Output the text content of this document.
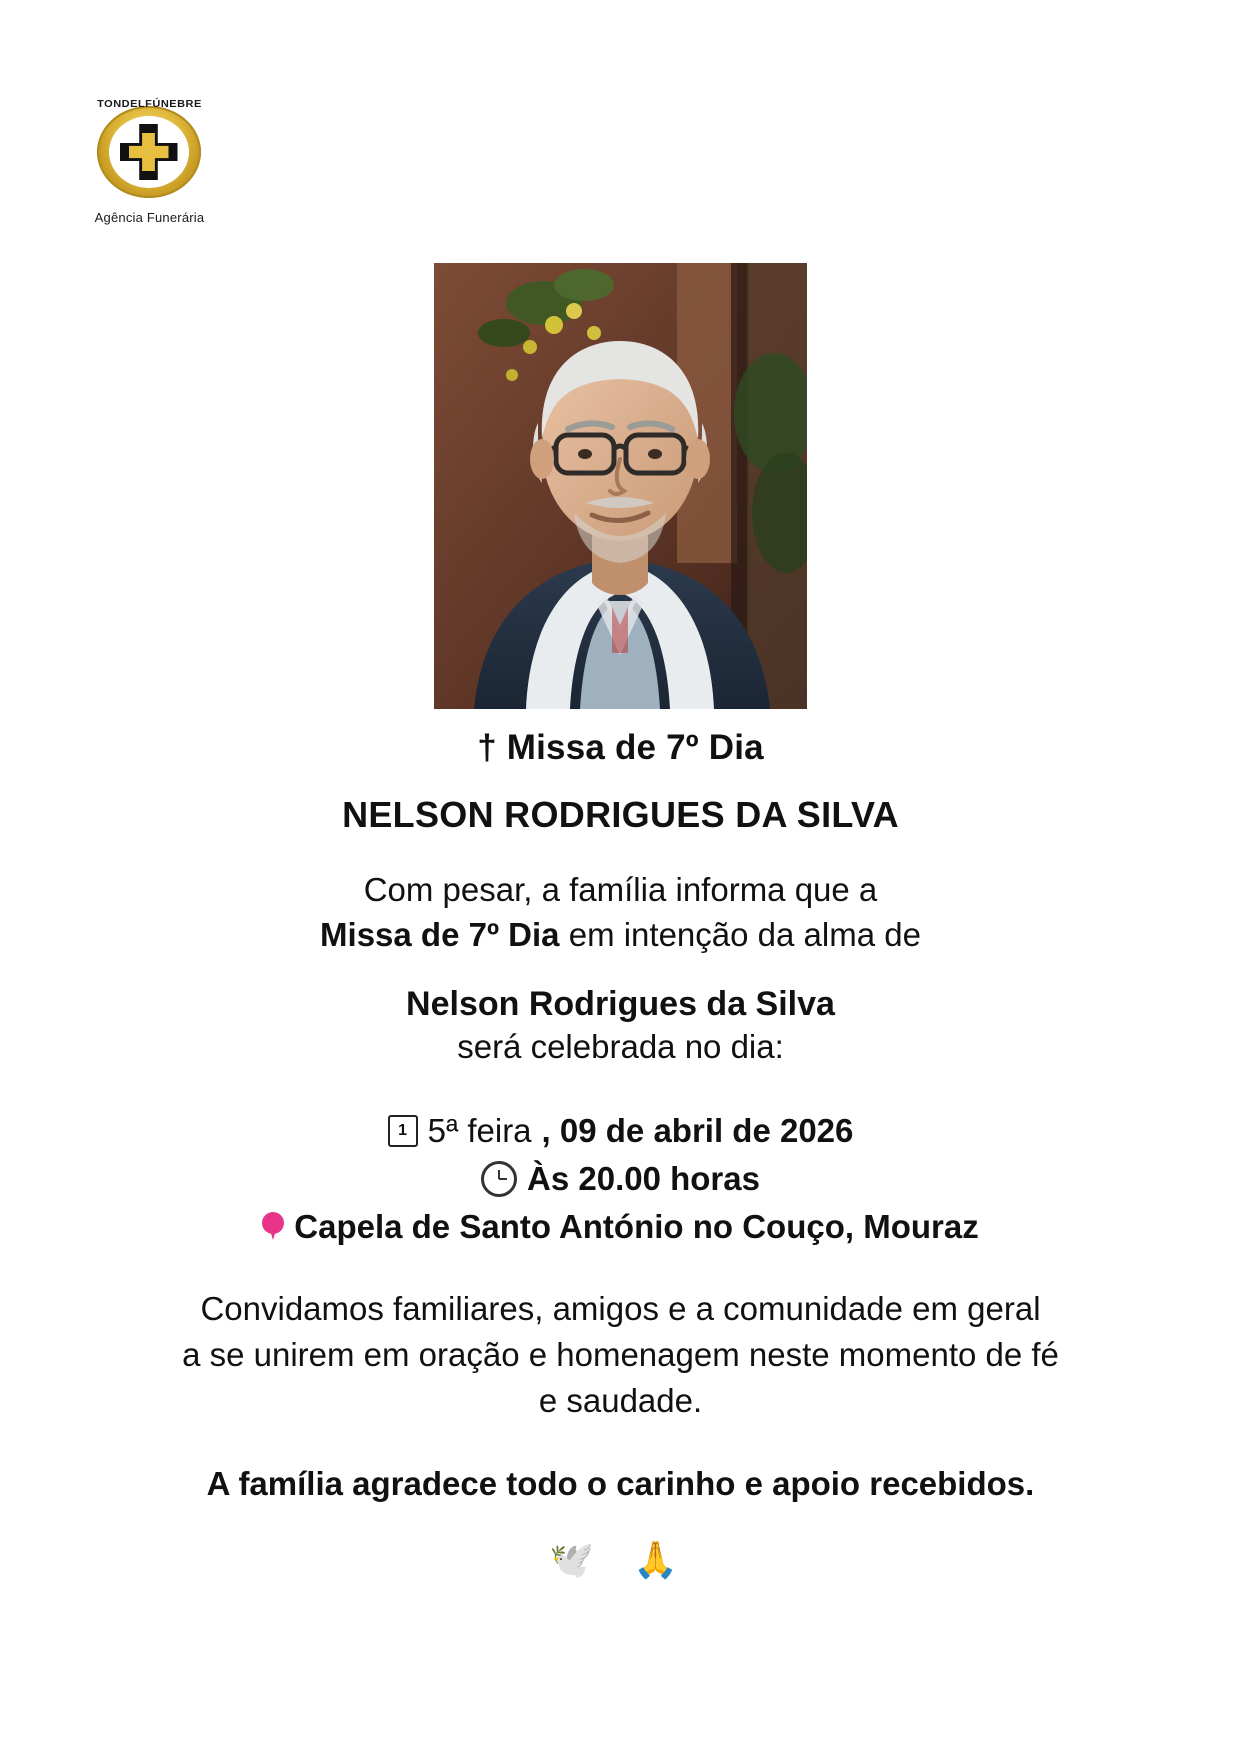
TONDELFÚNEBRE
Agência Funerária
† Missa de 7º Dia
NELSON RODRIGUES DA SILVA
Com pesar, a família informa que a
Missa de 7º Dia em intenção da alma de
Nelson Rodrigues da Silva
será celebrada no dia:
1 5ª feira , 09 de abril de 2026
Às 20.00 horas
Capela de Santo António no Couço, Mouraz
Convidamos familiares, amigos e a comunidade em geral
a se unirem em oração e homenagem neste momento de fé
e saudade.
A família agradece todo o carinho e apoio recebidos.
🕊️ 🙏
